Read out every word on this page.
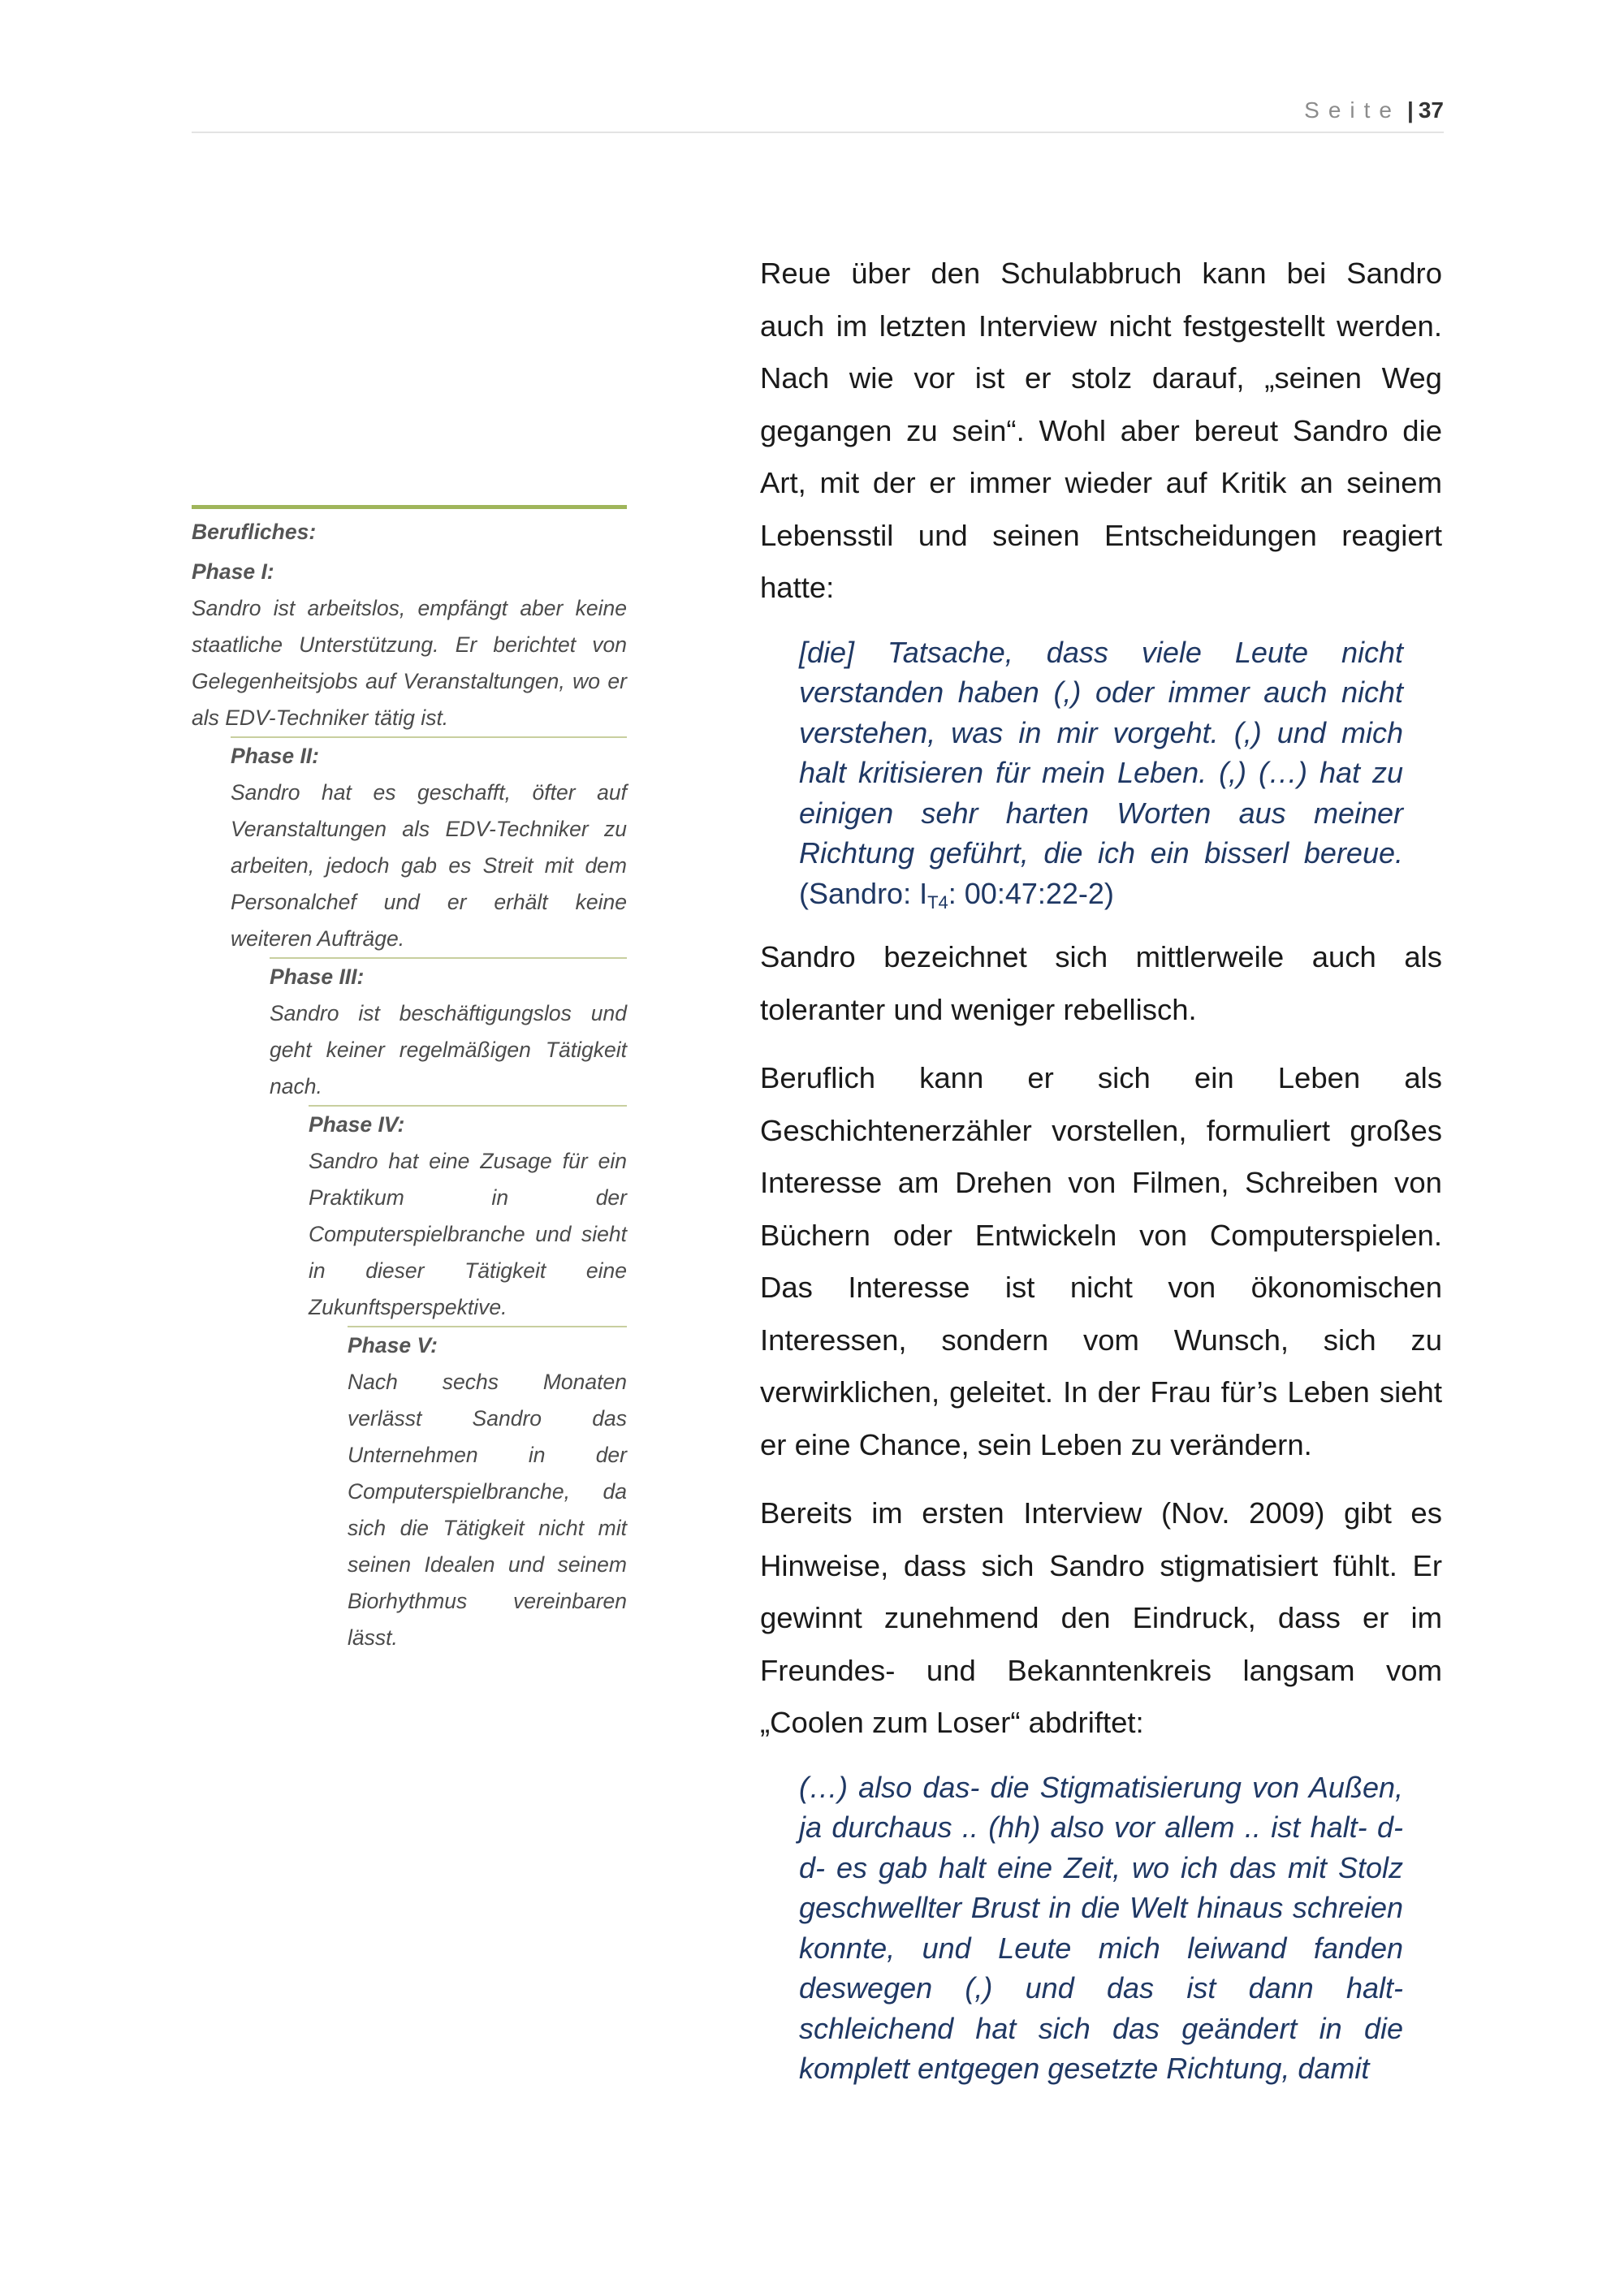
Seite | 37
Berufliches:
Phase I:
Sandro ist arbeitslos, empfängt aber keine staatliche Unterstützung. Er berichtet von Gelegenheitsjobs auf Veranstaltungen, wo er als EDV-Techniker tätig ist.
Phase II:
Sandro hat es geschafft, öfter auf Veranstaltungen als EDV-Techniker zu arbeiten, jedoch gab es Streit mit dem Personalchef und er erhält keine weiteren Aufträge.
Phase III:
Sandro ist beschäftigungslos und geht keiner regelmäßigen Tätigkeit nach.
Phase IV:
Sandro hat eine Zusage für ein Praktikum in der Computerspielbranche und sieht in dieser Tätigkeit eine Zukunftsperspektive.
Phase V:
Nach sechs Monaten verlässt Sandro das Unternehmen in der Computerspielbranche, da sich die Tätigkeit nicht mit seinen Idealen und seinem Biorhythmus vereinbaren lässt.

Reue über den Schulabbruch kann bei Sandro auch im letzten Interview nicht festgestellt werden. Nach wie vor ist er stolz darauf, „seinen Weg gegangen zu sein“. Wohl aber bereut Sandro die Art, mit der er immer wieder auf Kritik an seinem Lebensstil und seinen Entscheidungen reagiert hatte:

[die] Tatsache, dass viele Leute nicht verstanden haben (,) oder immer auch nicht verstehen, was in mir vorgeht. (,) und mich halt kritisieren für mein Leben. (,) (…) hat zu einigen sehr harten Worten aus meiner Richtung geführt, die ich ein bisserl bereue. (Sandro: $I_{T4}$: 00:47:22-2)

Sandro bezeichnet sich mittlerweile auch als toleranter und weniger rebellisch.

Beruflich kann er sich ein Leben als Geschichtenerzähler vorstellen, formuliert großes Interesse am Drehen von Filmen, Schreiben von Büchern oder Entwickeln von Computerspielen. Das Interesse ist nicht von ökonomischen Interessen, sondern vom Wunsch, sich zu verwirklichen, geleitet. In der Frau für’s Leben sieht er eine Chance, sein Leben zu verändern.

Bereits im ersten Interview (Nov. 2009) gibt es Hinweise, dass sich Sandro stigmatisiert fühlt. Er gewinnt zunehmend den Eindruck, dass er im Freundes- und Bekanntenkreis langsam vom „Coolen zum Loser“ abdriftet:

(…) also das- die Stigmatisierung von Außen, ja durchaus .. (hh) also vor allem .. ist halt- d- d- es gab halt eine Zeit, wo ich das mit Stolz geschwellter Brust in die Welt hinaus schreien konnte, und Leute mich leiwand fanden deswegen (,) und das ist dann halt- schleichend hat sich das geändert in die komplett entgegen gesetzte Richtung, damit
